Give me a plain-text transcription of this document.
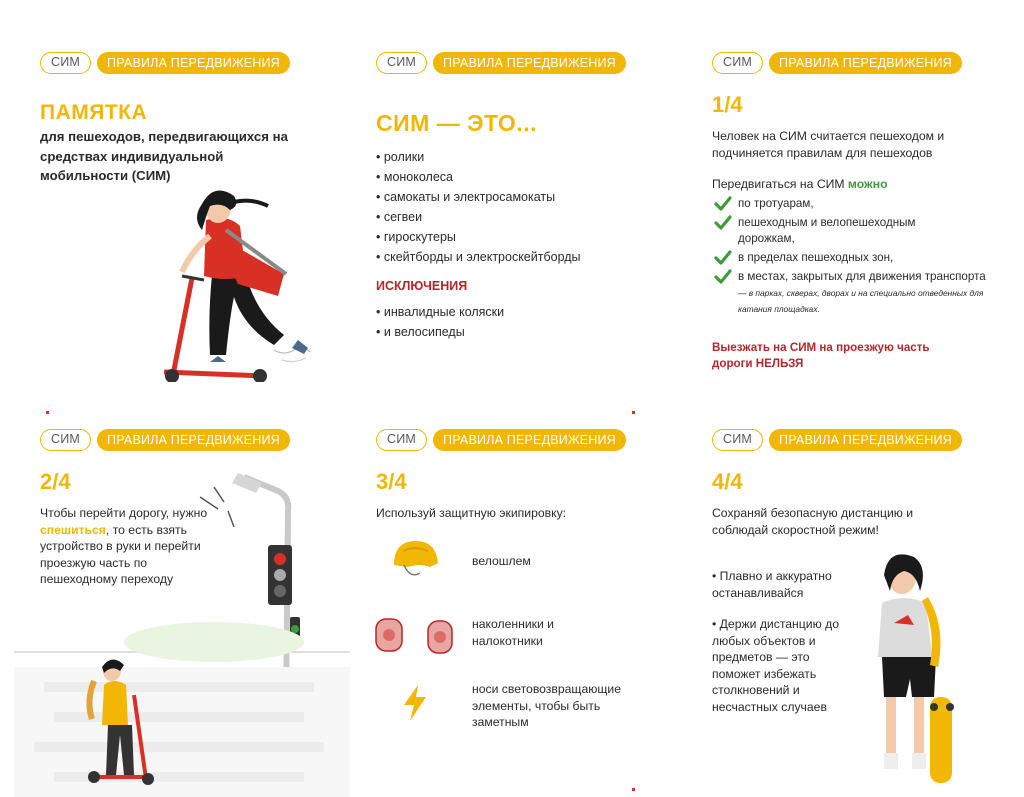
СИМ	ПРАВИЛА ПЕРЕДВИЖЕНИЯ
ПАМЯТКА
для пешеходов, передвигающихся на средствах индивидуальной мобильности (СИМ)
СИМ	ПРАВИЛА ПЕРЕДВИЖЕНИЯ
СИМ — ЭТО...
• ролики
• моноколеса
• самокаты и электросамокаты
• сегвеи
• гироскутеры
• скейтборды и электроскейтборды
ИСКЛЮЧЕНИЯ
• инвалидные коляски
• и велосипеды
СИМ	ПРАВИЛА ПЕРЕДВИЖЕНИЯ
1/4
Человек на СИМ считается пешеходом и подчиняется правилам для пешеходов
Передвигаться на СИМ можно
по тротуарам,
пешеходным и велопешеходным дорожкам,
в пределах пешеходных зон,
в местах, закрытых для движения транспорта — в парках, скверах, дворах и на специально отведенных для катания площадках.
Выезжать на СИМ на проезжую часть дороги НЕЛЬЗЯ
СИМ	ПРАВИЛА ПЕРЕДВИЖЕНИЯ
2/4
Чтобы перейти дорогу, нужно спешиться, то есть взять устройство в руки и перейти проезжую часть по пешеходному переходу
СИМ	ПРАВИЛА ПЕРЕДВИЖЕНИЯ
3/4
Используй защитную экипировку:
велошлем
наколенники и налокотники
носи световозвращающие элементы, чтобы быть заметным
СИМ	ПРАВИЛА ПЕРЕДВИЖЕНИЯ
4/4
Сохраняй безопасную дистанцию и соблюдай скоростной режим!
• Плавно и аккуратно останавливайся
• Держи дистанцию до любых объектов и предметов — это поможет избежать столкновений и несчастных случаев
